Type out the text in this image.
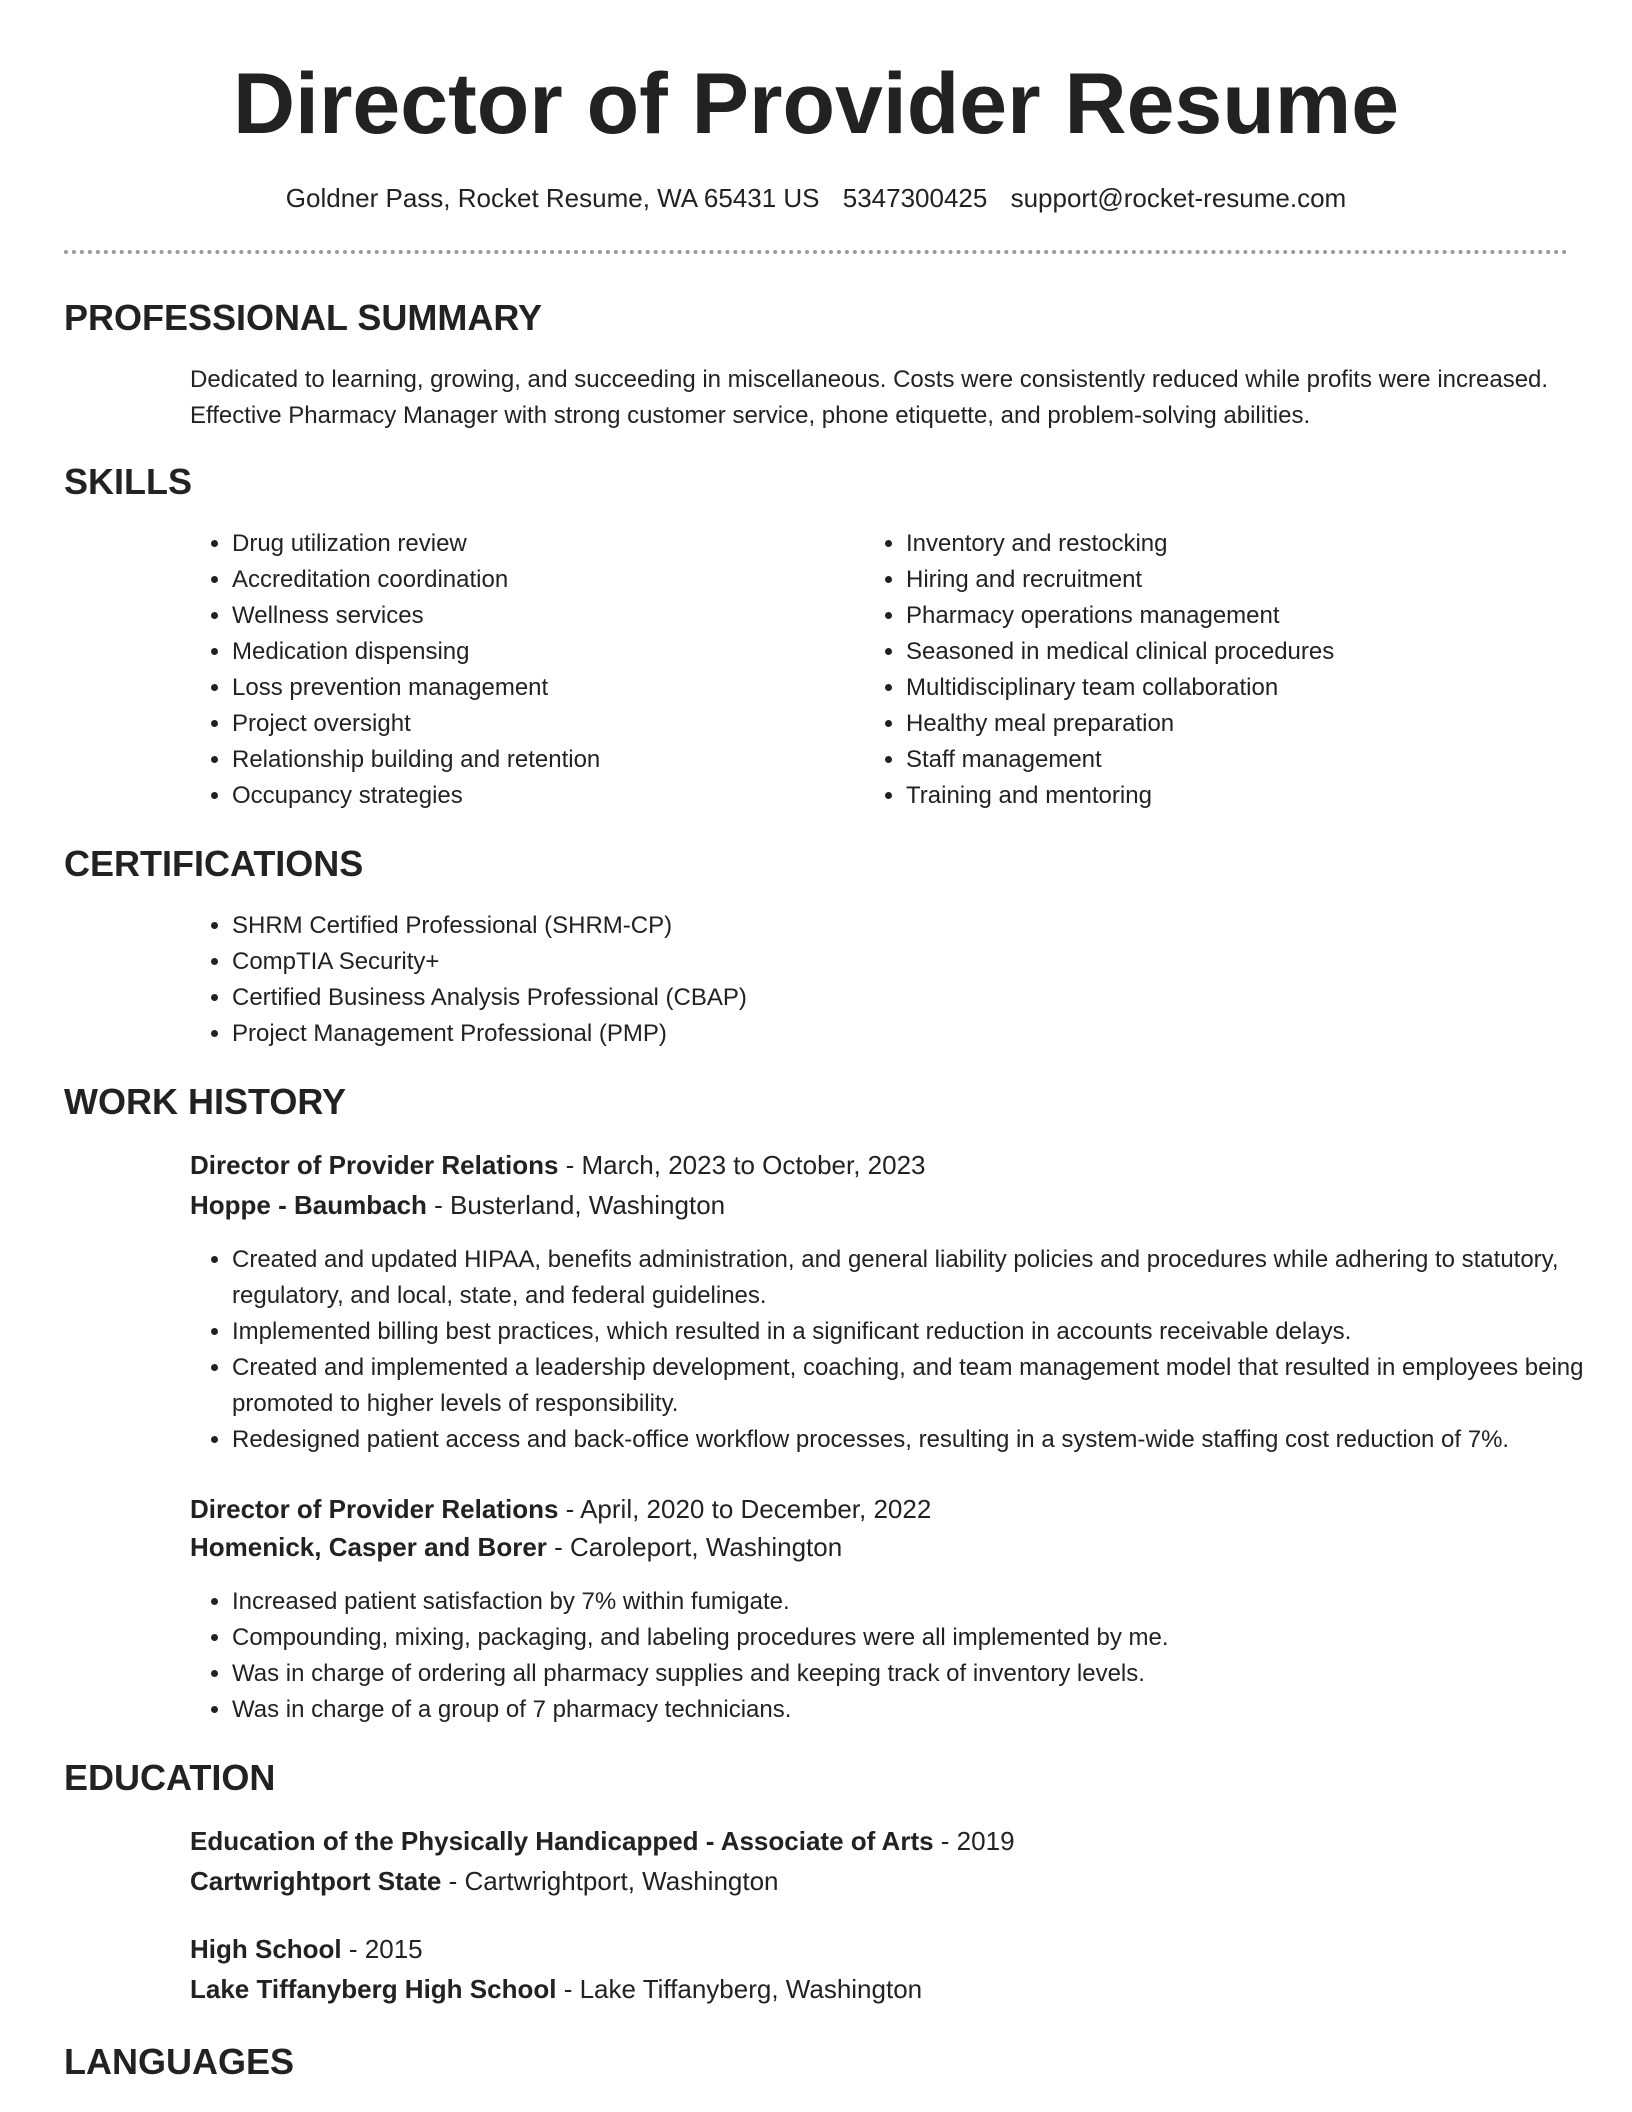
Director of Provider Resume
Goldner Pass, Rocket Resume, WA 65431 US 5347300425 support@rocket-resume.com
PROFESSIONAL SUMMARY
Dedicated to learning, growing, and succeeding in miscellaneous. Costs were consistently reduced while profits were increased. Effective Pharmacy Manager with strong customer service, phone etiquette, and problem-solving abilities.
SKILLS
• Drug utilization review
• Accreditation coordination
• Wellness services
• Medication dispensing
• Loss prevention management
• Project oversight
• Relationship building and retention
• Occupancy strategies
• Inventory and restocking
• Hiring and recruitment
• Pharmacy operations management
• Seasoned in medical clinical procedures
• Multidisciplinary team collaboration
• Healthy meal preparation
• Staff management
• Training and mentoring
CERTIFICATIONS
• SHRM Certified Professional (SHRM-CP)
• CompTIA Security+
• Certified Business Analysis Professional (CBAP)
• Project Management Professional (PMP)
WORK HISTORY
Director of Provider Relations - March, 2023 to October, 2023
Hoppe - Baumbach - Busterland, Washington
• Created and updated HIPAA, benefits administration, and general liability policies and procedures while adhering to statutory, regulatory, and local, state, and federal guidelines.
• Implemented billing best practices, which resulted in a significant reduction in accounts receivable delays.
• Created and implemented a leadership development, coaching, and team management model that resulted in employees being promoted to higher levels of responsibility.
• Redesigned patient access and back-office workflow processes, resulting in a system-wide staffing cost reduction of 7%.
Director of Provider Relations - April, 2020 to December, 2022
Homenick, Casper and Borer - Caroleport, Washington
• Increased patient satisfaction by 7% within fumigate.
• Compounding, mixing, packaging, and labeling procedures were all implemented by me.
• Was in charge of ordering all pharmacy supplies and keeping track of inventory levels.
• Was in charge of a group of 7 pharmacy technicians.
EDUCATION
Education of the Physically Handicapped - Associate of Arts - 2019
Cartwrightport State - Cartwrightport, Washington
High School - 2015
Lake Tiffanyberg High School - Lake Tiffanyberg, Washington
LANGUAGES
